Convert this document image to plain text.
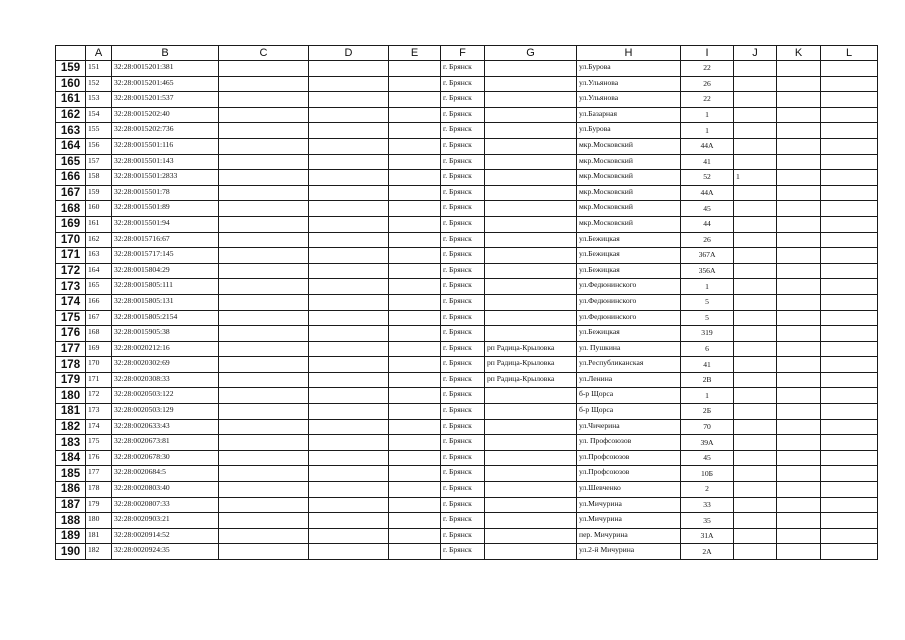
	A	B	C	D	E	F	G	H	I	J	K	L
159	151	32:28:0015201:381				г. Брянск		ул.Бурова	22			
160	152	32:28:0015201:465				г. Брянск		ул.Ульянова	26			
161	153	32:28:0015201:537				г. Брянск		ул.Ульянова	22			
162	154	32:28:0015202:40				г. Брянск		ул.Базарная	1			
163	155	32:28:0015202:736				г. Брянск		ул.Бурова	1			
164	156	32:28:0015501:116				г. Брянск		мкр.Московский	44А			
165	157	32:28:0015501:143				г. Брянск		мкр.Московский	41			
166	158	32:28:0015501:2833				г. Брянск		мкр.Московский	52	1		
167	159	32:28:0015501:78				г. Брянск		мкр.Московский	44А			
168	160	32:28:0015501:89				г. Брянск		мкр.Московский	45			
169	161	32:28:0015501:94				г. Брянск		мкр.Московский	44			
170	162	32:28:0015716:67				г. Брянск		ул.Бежицкая	26			
171	163	32:28:0015717:145				г. Брянск		ул.Бежицкая	367А			
172	164	32:28:0015804:29				г. Брянск		ул.Бежицкая	356А			
173	165	32:28:0015805:111				г. Брянск		ул.Федюнинского	1			
174	166	32:28:0015805:131				г. Брянск		ул.Федюнинского	5			
175	167	32:28:0015805:2154				г. Брянск		ул.Федюнинского	5			
176	168	32:28:0015905:38				г. Брянск		ул.Бежицкая	319			
177	169	32:28:0020212:16				г. Брянск	рп Радица-Крыловка	ул. Пушкина	6			
178	170	32:28:0020302:69				г. Брянск	рп Радица-Крыловка	ул.Республиканская	41			
179	171	32:28:0020308:33				г. Брянск	рп Радица-Крыловка	ул.Ленина	2В			
180	172	32:28:0020503:122				г. Брянск		б-р Щорса	1			
181	173	32:28:0020503:129				г. Брянск		б-р Щорса	2Б			
182	174	32:28:0020633:43				г. Брянск		ул.Чичерина	70			
183	175	32:28:0020673:81				г. Брянск		ул. Профсоюзов	39А			
184	176	32:28:0020678:30				г. Брянск		ул.Профсоюзов	45			
185	177	32:28:0020684:5				г. Брянск		ул.Профсоюзов	10Б			
186	178	32:28:0020803:40				г. Брянск		ул.Шевченко	2			
187	179	32:28:0020807:33				г. Брянск		ул.Мичурина	33			
188	180	32:28:0020903:21				г. Брянск		ул.Мичурина	35			
189	181	32:28:0020914:52				г. Брянск		пер. Мичурина	31А			
190	182	32:28:0020924:35				г. Брянск		ул.2-й Мичурина	2А			
